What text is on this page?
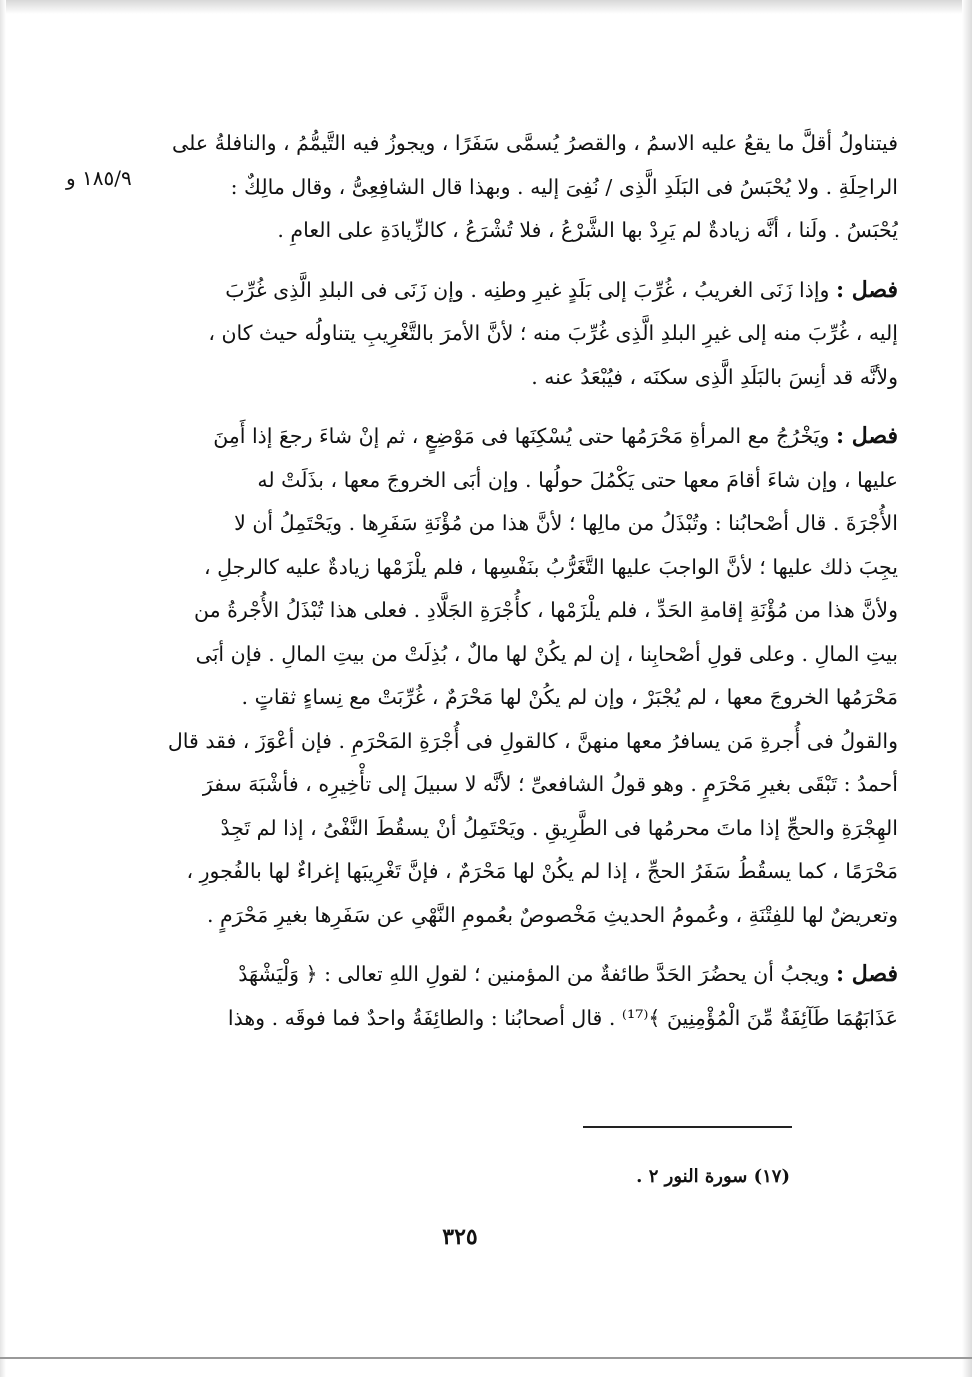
١٨٥/٩ و
فيتناولُ أقلَّ ما يقعُ عليه الاسمُ ، والقصرُ يُسمَّى سَفَرًا ، ويجوزُ فيه التَّيمُّمُ ، والنافلةُ على
الراحِلَةِ . ولا يُحْبَسُ فى البَلَدِ الَّذِى / نُفِىَ إليه . وبهذا قال الشافِعِىُّ ، وقال مالِكٌ :
يُحْبَسُ . ولَنا ، أنَّه زيادةٌ لم يَرِدْ بها الشَّرْعُ ، فلا تُشْرَعُ ، كالزِّيادَةِ على العامِ .
فصل : وإذا زَنَى الغريبُ ، غُرِّبَ إلى بَلَدٍ غيرِ وطنِه . وإن زَنَى فى البلدِ الَّذِى غُرِّبَ
إليه ، غُرِّبَ منه إلى غيرِ البلدِ الَّذِى غُرِّبَ منه ؛ لأنَّ الأمرَ بالتَّغْرِيبِ يتناولُه حيث كان ،
ولأنَّه قد أنِسَ بالبَلَدِ الَّذِى سكنَه ، فيُبْعَدُ عنه .
فصل : ويَخْرُجُ مع المرأةِ مَحْرَمُها حتى يُسْكِنَها فى مَوْضِعٍ ، ثم إنْ شاءَ رجعَ إذا أَمِنَ
عليها ، وإن شاءَ أقامَ معها حتى يَكْمُلَ حولُها . وإن أبَى الخروجَ معها ، بذَلَتْ له
الأُجْرَةَ . قال أصْحابُنا : وتُبْذَلُ من مالِها ؛ لأنَّ هذا من مُؤْنَةِ سَفَرِها . ويَحْتَمِلُ أن لا
يجِبَ ذلك عليها ؛ لأنَّ الواجبَ عليها التَّغَرُّبُ بنَفْسِها ، فلم يلْزَمْها زيادةٌ عليه كالرجلِ ،
ولأنَّ هذا من مُؤْنَةِ إقامةِ الحَدِّ ، فلم يلْزَمْها ، كأُجْرَةِ الجَلَّادِ . فعلى هذا تُبْذَلُ الأُجْرةُ من
بيتِ المالِ . وعلى قولِ أصْحابِنا ، إن لم يكُنْ لها مالٌ ، بُذِلَتْ من بيتِ المالِ . فإن أبَى
مَحْرَمُها الخروجَ معها ، لم يُجْبَرْ ، وإن لم يكُنْ لها مَحْرَمٌ ، غُرِّبَتْ مع نِساءٍ ثقاتٍ .
والقولُ فى أُجرةِ مَن يسافرُ معها منهنَّ ، كالقولِ فى أُجْرَةِ المَحْرَمِ . فإن أعْوَزَ ، فقد قال
أحمدُ : تَبْقَى بغيرِ مَحْرَمٍ . وهو قولُ الشافعىِّ ؛ لأنَّه لا سبيلَ إلى تأْخِيرِه ، فأشْبَهَ سفرَ
الهِجْرَةِ والحجِّ إذا ماتَ محرمُها فى الطَّرِيقِ . ويَحْتَمِلُ أنْ يسقُطَ النَّفْىُ ، إذا لم تَجِدْ
مَحْرَمًا ، كما يسقُطُ سَفَرُ الحجِّ ، إذا لم يكُنْ لها مَحْرَمٌ ، فإنَّ تَغْرِيبَها إغراءٌ لها بالفُجورِ ،
وتعريضٌ لها للفِتْنَةِ ، وعُمومُ الحديثِ مَخْصوصٌ بعُمومِ النَّهْىِ عن سَفَرِها بغيرِ مَحْرَمٍ .
فصل : ويجبُ أن يحضُرَ الحَدَّ طائفةٌ من المؤمنين ؛ لقولِ اللهِ تعالى : ﴿ وَلْيَشْهَدْ
عَذَابَهُمَا طَآئِفَةٌ مِّنَ الْمُؤْمِنِينَ ﴾⁽¹⁷⁾ . قال أصحابُنا : والطائِفَةُ واحدٌ فما فوقَه . وهذا
(١٧) سورة النور ٢ .
٣٢٥
